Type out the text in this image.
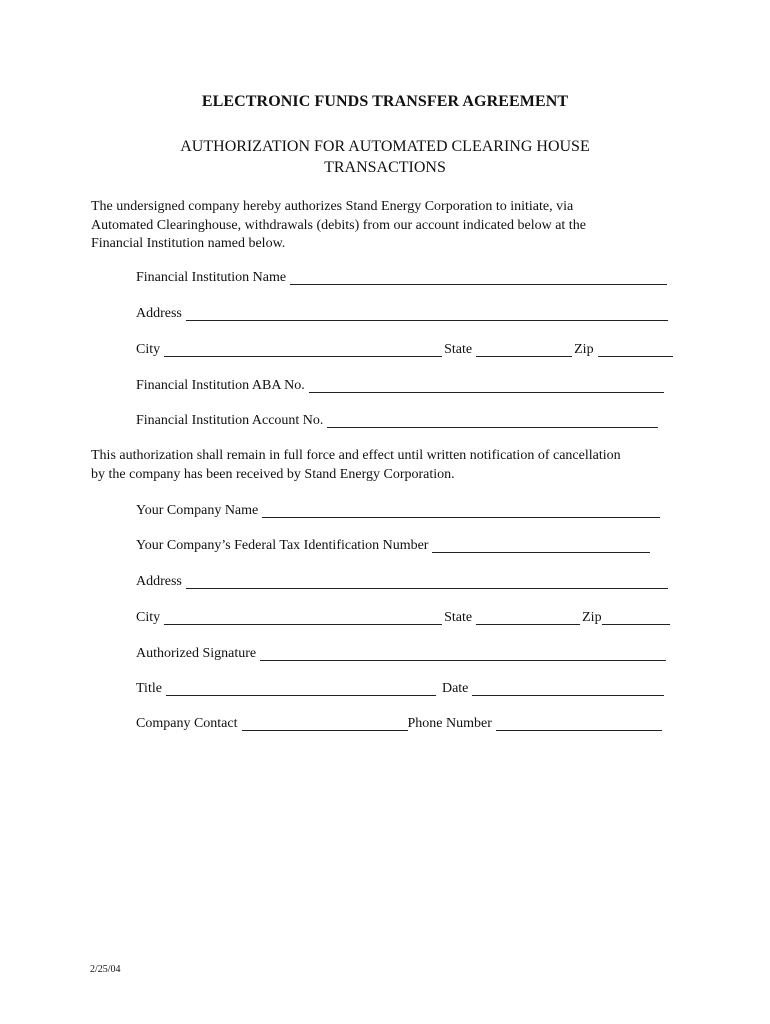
ELECTRONIC FUNDS TRANSFER AGREEMENT
AUTHORIZATION FOR AUTOMATED CLEARING HOUSE
TRANSACTIONS
The undersigned company hereby authorizes Stand Energy Corporation to initiate, via
Automated Clearinghouse, withdrawals (debits) from our account indicated below at the
Financial Institution named below.
Financial Institution Name
Address
City	State	Zip
Financial Institution ABA No.
Financial Institution Account No.
This authorization shall remain in full force and effect until written notification of cancellation
by the company has been received by Stand Energy Corporation.
Your Company Name
Your Company’s Federal Tax Identification Number
Address
City	State	Zip
Authorized Signature
Title	Date
Company Contact	Phone Number
2/25/04
